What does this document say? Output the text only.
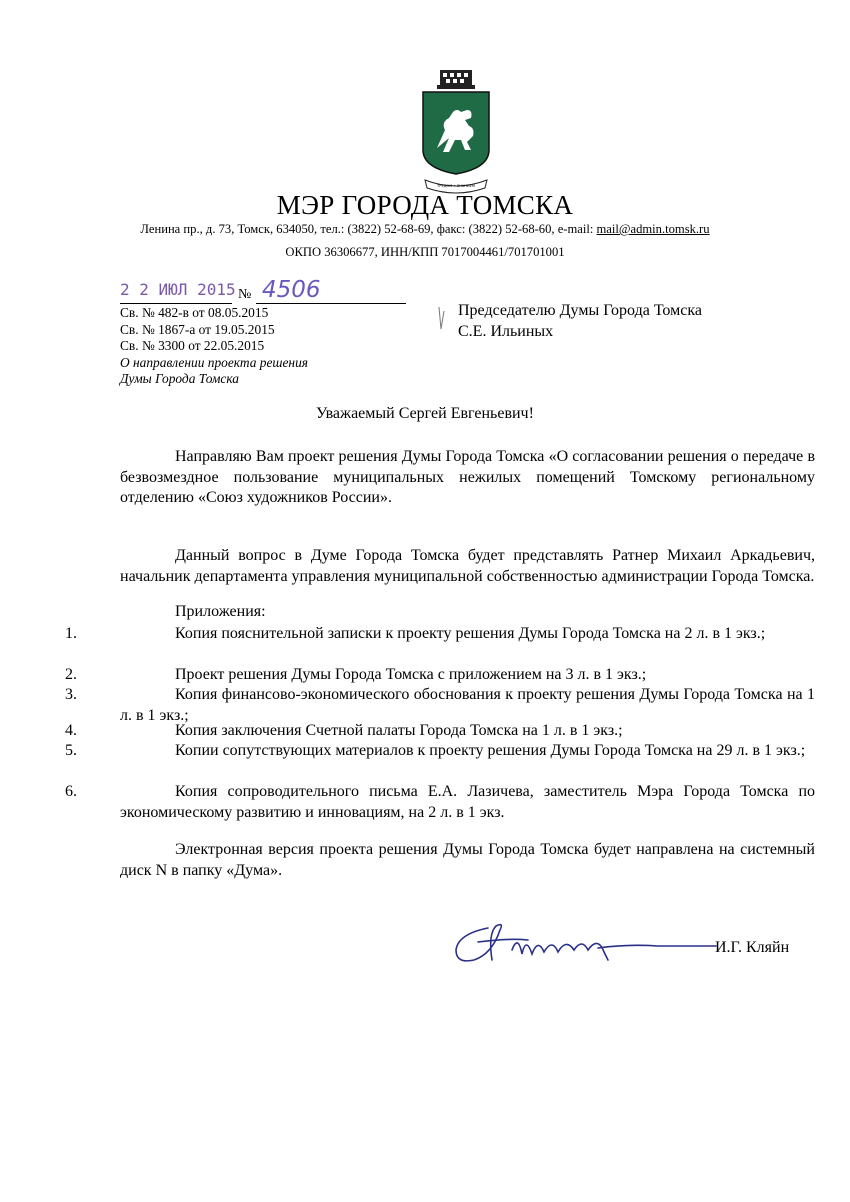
ТРУДОМ • ЗНАНИЕМ
МЭР ГОРОДА ТОМСКА
Ленина пр., д. 73, Томск, 634050, тел.: (3822) 52-68-69, факс: (3822) 52-68-60, e-mail: mail@admin.tomsk.ru
ОКПО 36306677, ИНН/КПП 7017004461/701701001
2 2 ИЮЛ 2015 № 4506
Св. № 482-в от 08.05.2015
Св. № 1867-а от 19.05.2015
Св. № 3300 от 22.05.2015
О направлении проекта решения
Думы Города Томска
Председателю Думы Города Томска
С.Е. Ильиных
Уважаемый Сергей Евгеньевич!
Направляю Вам проект решения Думы Города Томска «О согласовании решения о передаче в безвозмездное пользование муниципальных нежилых помещений Томскому региональному отделению «Союз художников России».
Данный вопрос в Думе Города Томска будет представлять Ратнер Михаил Аркадьевич, начальник департамента управления муниципальной собственностью администрации Города Томска.
Приложения:
1.	Копия пояснительной записки к проекту решения Думы Города Томска на 2 л. в 1 экз.;
2.	Проект решения Думы Города Томска с приложением на 3 л. в 1 экз.;
3.	Копия финансово-экономического обоснования к проекту решения Думы Города Томска на 1 л. в 1 экз.;
4.	Копия заключения Счетной палаты Города Томска на 1 л. в 1 экз.;
5.	Копии сопутствующих материалов к проекту решения Думы Города Томска на 29 л. в 1 экз.;
6.	Копия сопроводительного письма Е.А. Лазичева, заместитель Мэра Города Томска по экономическому развитию и инновациям, на 2 л. в 1 экз.
Электронная версия проекта решения Думы Города Томска будет направлена на системный диск N в папку «Дума».
И.Г. Кляйн
